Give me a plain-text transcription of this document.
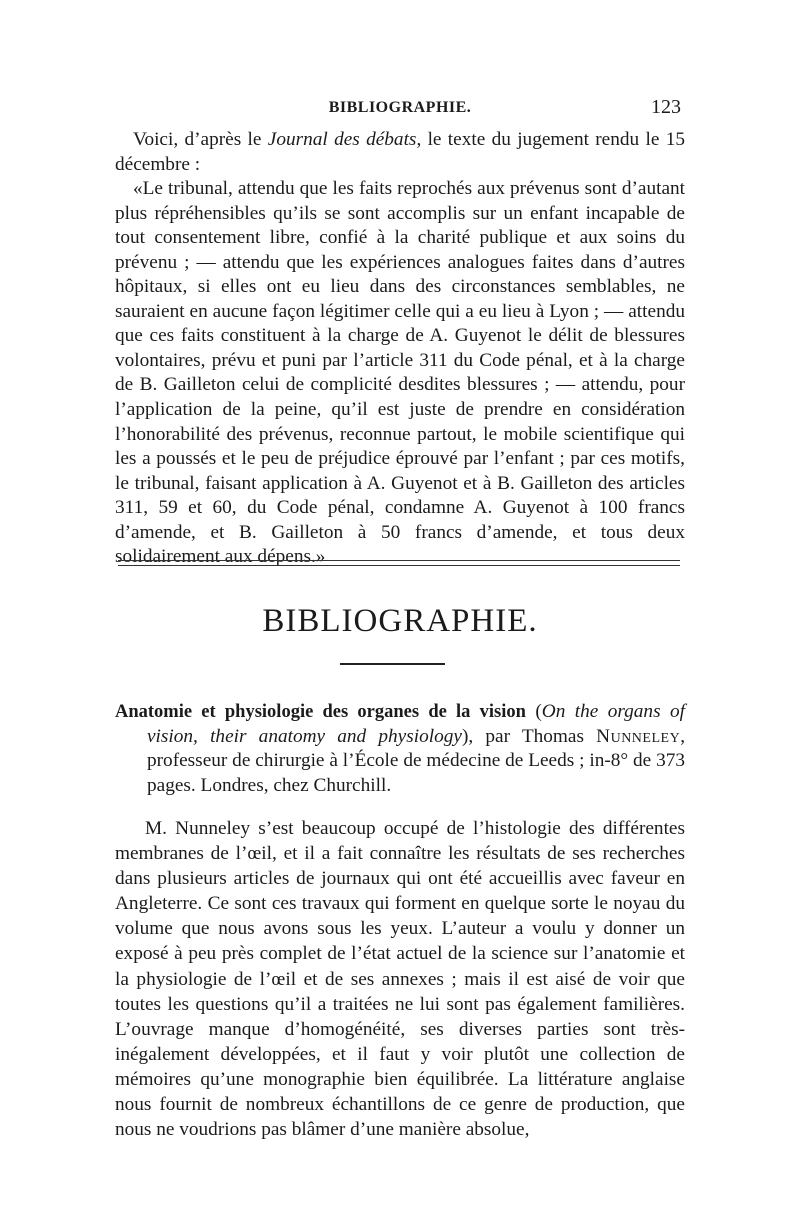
BIBLIOGRAPHIE.	123

Voici, d’après le Journal des débats, le texte du jugement rendu le 15 décembre :

«Le tribunal, attendu que les faits reprochés aux prévenus sont d’autant plus répréhensibles qu’ils se sont accomplis sur un enfant incapable de tout consentement libre, confié à la charité publique et aux soins du prévenu ; — attendu que les expériences analogues faites dans d’autres hôpitaux, si elles ont eu lieu dans des circonstances semblables, ne sauraient en aucune façon légitimer celle qui a eu lieu à Lyon ; — attendu que ces faits constituent à la charge de A. Guyenot le délit de blessures volontaires, prévu et puni par l’article 311 du Code pénal, et à la charge de B. Gailleton celui de complicité desdites blessures ; — attendu, pour l’application de la peine, qu’il est juste de prendre en considération l’honorabilité des prévenus, reconnue partout, le mobile scientifique qui les a poussés et le peu de préjudice éprouvé par l’enfant ; par ces motifs, le tribunal, faisant application à A. Guyenot et à B. Gailleton des articles 311, 59 et 60, du Code pénal, condamne A. Guyenot à 100 francs d’amende, et B. Gailleton à 50 francs d’amende, et tous deux solidairement aux dépens.»

BIBLIOGRAPHIE.
Anatomie et physiologie des organes de la vision (On the organs of vision, their anatomy and physiology), par Thomas Nunneley, professeur de chirurgie à l’École de médecine de Leeds ; in-8° de 373 pages. Londres, chez Churchill.

M. Nunneley s’est beaucoup occupé de l’histologie des différentes membranes de l’œil, et il a fait connaître les résultats de ses recherches dans plusieurs articles de journaux qui ont été accueillis avec faveur en Angleterre. Ce sont ces travaux qui forment en quelque sorte le noyau du volume que nous avons sous les yeux. L’auteur a voulu y donner un exposé à peu près complet de l’état actuel de la science sur l’anatomie et la physiologie de l’œil et de ses annexes ; mais il est aisé de voir que toutes les questions qu’il a traitées ne lui sont pas également familières. L’ouvrage manque d’homogénéité, ses diverses parties sont très-inégalement développées, et il faut y voir plutôt une collection de mémoires qu’une monographie bien équilibrée. La littérature anglaise nous fournit de nombreux échantillons de ce genre de production, que nous ne voudrions pas blâmer d’une manière absolue,
